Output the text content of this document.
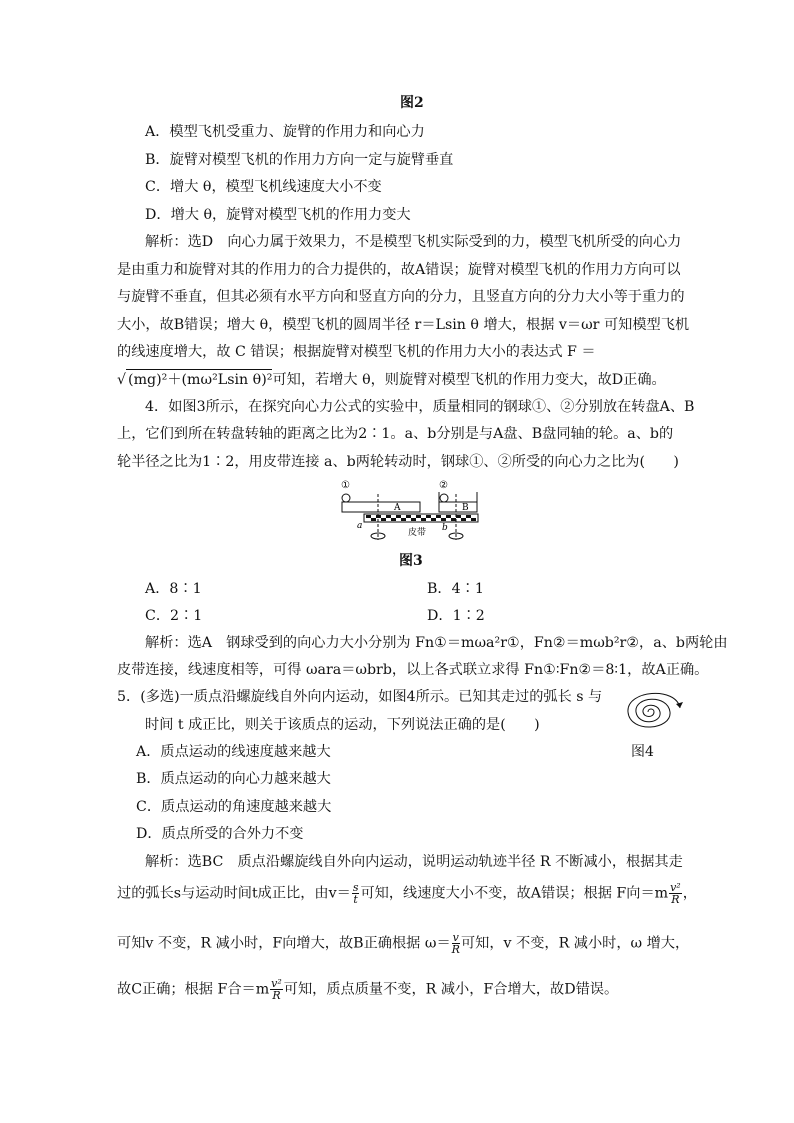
图2
A．模型飞机受重力、旋臂的作用力和向心力
B．旋臂对模型飞机的作用力方向一定与旋臂垂直
C．增大 θ，模型飞机线速度大小不变
D．增大 θ，旋臂对模型飞机的作用力变大
解析：选D　向心力属于效果力，不是模型飞机实际受到的力，模型飞机所受的向心力
是由重力和旋臂对其的作用力的合力提供的，故A错误；旋臂对模型飞机的作用力方向可以
与旋臂不垂直，但其必须有水平方向和竖直方向的分力，且竖直方向的分力大小等于重力的
大小，故B错误；增大 θ，模型飞机的圆周半径 r＝Lsin θ 增大，根据 v＝ωr 可知模型飞机
的线速度增大，故 C 错误；根据旋臂对模型飞机的作用力大小的表达式 F ＝
√ (mg)²＋(mω²Lsin θ)²可知，若增大 θ，则旋臂对模型飞机的作用力变大，故D正确。
4．如图3所示，在探究向心力公式的实验中，质量相同的钢球①、②分别放在转盘A、B
上，它们到所在转盘转轴的距离之比为2∶1。a、b分别是与A盘、B盘同轴的轮。a、b的
轮半径之比为1∶2，用皮带连接 a、b两轮转动时，钢球①、②所受的向心力之比为(　　)
①	②
A	B
a	b
皮带
图3
A．8∶1	B．4∶1
C．2∶1	D．1∶2
解析：选A　钢球受到的向心力大小分别为 Fn①＝mωa²r①，Fn②＝mωb²r②，a、b两轮由
皮带连接，线速度相等，可得 ωara＝ωbrb，以上各式联立求得 Fn①∶Fn②＝8∶1，故A正确。
5．(多选)一质点沿螺旋线自外向内运动，如图4所示。已知其走过的弧长 s 与
时间 t 成正比，则关于该质点的运动，下列说法正确的是(　　)
图4
A．质点运动的线速度越来越大
B．质点运动的向心力越来越大
C．质点运动的角速度越来越大
D．质点所受的合外力不变
解析：选BC　质点沿螺旋线自外向内运动，说明运动轨迹半径 R 不断减小，根据其走
过的弧长s与运动时间t成正比，由$v= \frac{s}{t}$ 可知，线速度大小不变，故A错误；根据 F向$=m \frac{\text{v²}}{R}$ ，
可知v 不变，R 减小时，F向增大，故B正确根据 $\omega= \frac{v}{R}$ 可知，v 不变，R 减小时，ω 增大，
故C正确；根据 F合$=m \frac{\text{v²}}{R}$ 可知，质点质量不变，R 减小，F合增大，故D错误。
